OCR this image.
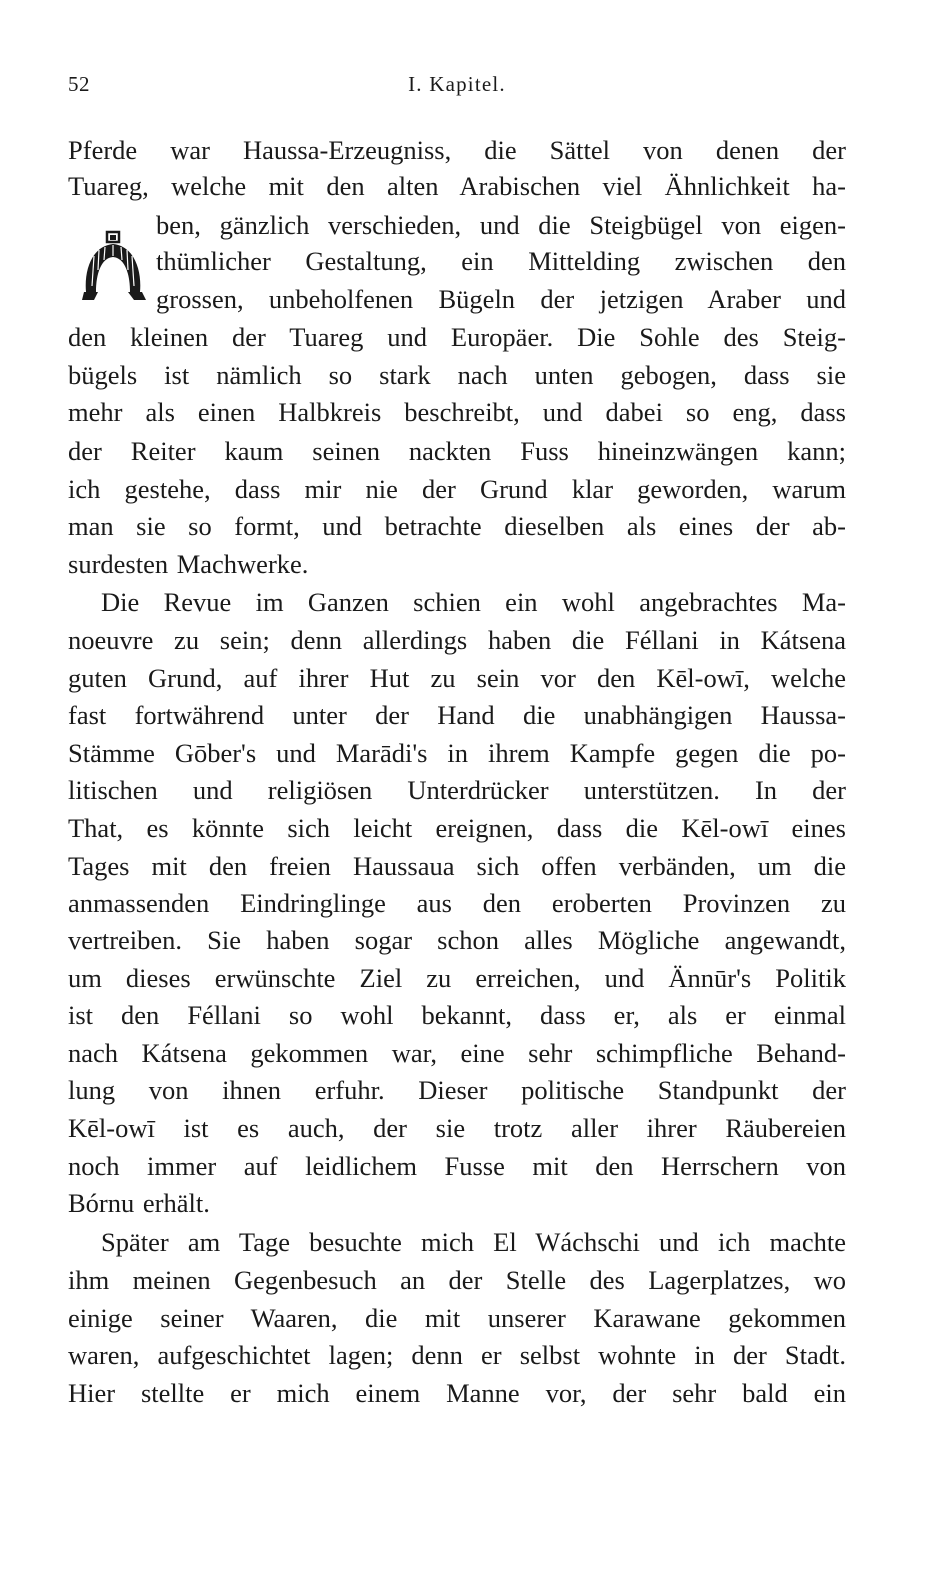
52	I. Kapitel.
Pferde war Haussa-Erzeugniss, die Sättel von denen der
Tuareg, welche mit den alten Arabischen viel Ähnlichkeit ha-
ben, gänzlich verschieden, und die Steigbügel von eigen-
thümlicher Gestaltung, ein Mittelding zwischen den
grossen, unbeholfenen Bügeln der jetzigen Araber und
den kleinen der Tuareg und Europäer. Die Sohle des Steig-
bügels ist nämlich so stark nach unten gebogen, dass sie
mehr als einen Halbkreis beschreibt, und dabei so eng, dass
der Reiter kaum seinen nackten Fuss hineinzwängen kann;
ich gestehe, dass mir nie der Grund klar geworden, warum
man sie so formt, und betrachte dieselben als eines der ab-
surdesten Machwerke.
Die Revue im Ganzen schien ein wohl angebrachtes Ma-
noeuvre zu sein; denn allerdings haben die Féllani in Kátsena
guten Grund, auf ihrer Hut zu sein vor den Kēl-owī, welche
fast fortwährend unter der Hand die unabhängigen Haussa-
Stämme Gōber's und Marādi's in ihrem Kampfe gegen die po-
litischen und religiösen Unterdrücker unterstützen. In der
That, es könnte sich leicht ereignen, dass die Kēl-owī eines
Tages mit den freien Haussaua sich offen verbänden, um die
anmassenden Eindringlinge aus den eroberten Provinzen zu
vertreiben. Sie haben sogar schon alles Mögliche angewandt,
um dieses erwünschte Ziel zu erreichen, und Ännūr's Politik
ist den Féllani so wohl bekannt, dass er, als er einmal
nach Kátsena gekommen war, eine sehr schimpfliche Behand-
lung von ihnen erfuhr. Dieser politische Standpunkt der
Kēl-owī ist es auch, der sie trotz aller ihrer Räubereien
noch immer auf leidlichem Fusse mit den Herrschern von
Bórnu erhält.
Später am Tage besuchte mich El Wáchschi und ich machte
ihm meinen Gegenbesuch an der Stelle des Lagerplatzes, wo
einige seiner Waaren, die mit unserer Karawane gekommen
waren, aufgeschichtet lagen; denn er selbst wohnte in der Stadt.
Hier stellte er mich einem Manne vor, der sehr bald ein
